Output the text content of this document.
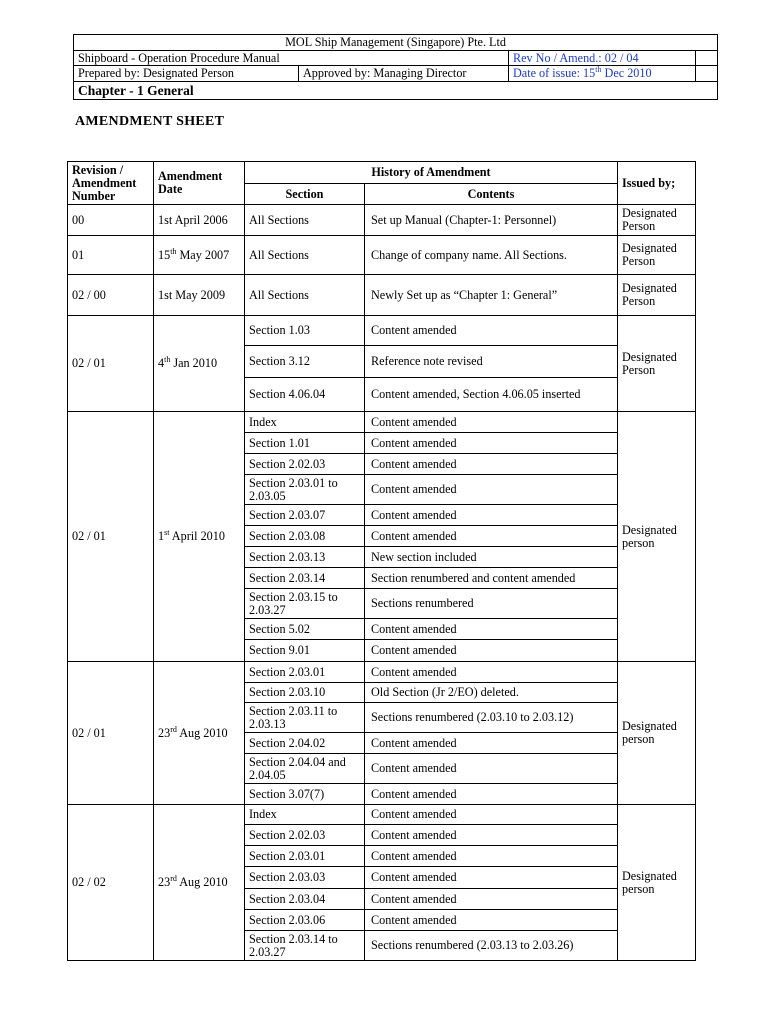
MOL Ship Management (Singapore) Pte. Ltd			
Shipboard - Operation Procedure Manual		Rev No / Amend.: 02 / 04	
Prepared by: Designated Person	Approved by: Managing Director	Date of issue: 15th Dec 2010	
Chapter - 1 General			
AMENDMENT SHEET
Revision / Amendment Number	Amendment Date	History of Amendment		Issued by;
		Section	Contents	
00	1st April 2006	All Sections	Set up Manual (Chapter-1: Personnel)	Designated Person
01	15th May 2007	All Sections	Change of company name. All Sections.	Designated Person
02 / 00	1st May 2009	All Sections	Newly Set up as “Chapter 1: General”	Designated Person
02 / 01	4th Jan 2010	Section 1.03	Content amended	Designated Person
		Section 3.12	Reference note revised	
		Section 4.06.04	Content amended, Section 4.06.05 inserted	
02 / 01	1st April 2010	Index	Content amended	Designated person
		Section 1.01	Content amended	
		Section 2.02.03	Content amended	
		Section 2.03.01 to 2.03.05	Content amended	
		Section 2.03.07	Content amended	
		Section 2.03.08	Content amended	
		Section 2.03.13	New section included	
		Section 2.03.14	Section renumbered and content amended	
		Section 2.03.15 to 2.03.27	Sections renumbered	
		Section 5.02	Content amended	
		Section 9.01	Content amended	
02 / 01	23rd Aug 2010	Section 2.03.01	Content amended	Designated person
		Section 2.03.10	Old Section (Jr 2/EO) deleted.	
		Section 2.03.11 to 2.03.13	Sections renumbered (2.03.10 to 2.03.12)	
		Section 2.04.02	Content amended	
		Section 2.04.04 and 2.04.05	Content amended	
		Section 3.07(7)	Content amended	
02 / 02	23rd Aug 2010	Index	Content amended	Designated person
		Section 2.02.03	Content amended	
		Section 2.03.01	Content amended	
		Section 2.03.03	Content amended	
		Section 2.03.04	Content amended	
		Section 2.03.06	Content amended	
		Section 2.03.14 to 2.03.27	Sections renumbered (2.03.13 to 2.03.26)	
